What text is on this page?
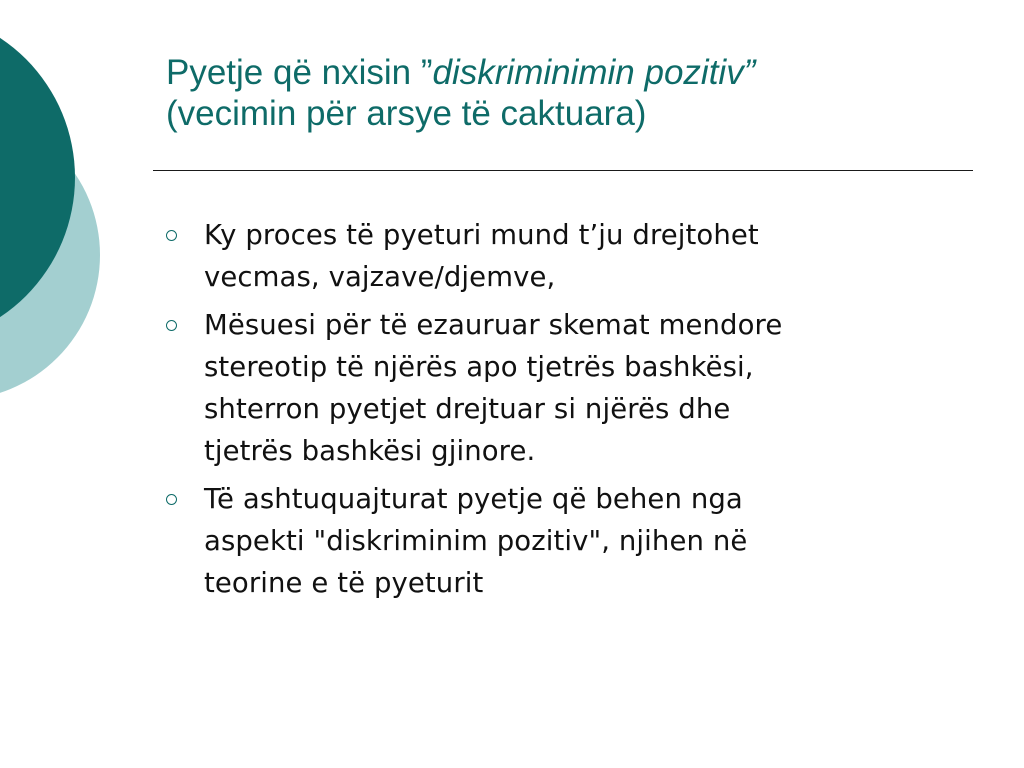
Pyetje që nxisin ”diskriminimin pozitiv”
(vecimin për arsye të caktuara)
Ky proces të pyeturi mund t’ju drejtohet
vecmas, vajzave/djemve,
Mësuesi për të ezauruar skemat mendore
stereotip të njërës apo tjetrës bashkësi,
shterron pyetjet drejtuar si njërës dhe
tjetrës bashkësi gjinore.
Të ashtuquajturat pyetje që behen nga
aspekti "diskriminim pozitiv", njihen në
teorine e të pyeturit
